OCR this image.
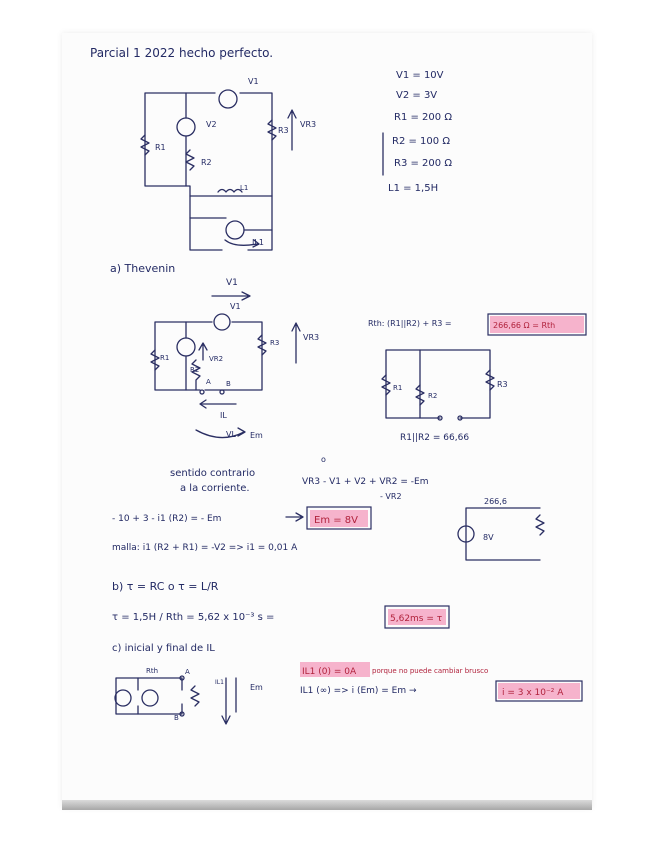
Parcial 1 2022 hecho perfecto.
V1
V2
R1
R2
R3
VR3
L1
IL1
V1 = 10V
V2 = 3V
R1 = 200 Ω
R2 = 100 Ω
R3 = 200 Ω
L1 = 1,5H
a) Thevenin
V1
V1
R1
R2
R3
VR2
VR3
A B
IL
VL Em
Rth: (R1||R2) + R3 =	266,66 Ω = Rth
R1
R2
R3
R1||R2 = 66,66
o
sentido contrario
a la corriente.
VR3 - V1 + V2 + VR2 = -Em
- VR2
- 10 + 3 - i1 (R2) = - Em	Em = 8V
266,6
8V
malla: i1 (R2 + R1) = -V2 => i1 = 0,01 A
b) τ = RC o τ = L/R
τ = 1,5H / Rth = 5,62 x 10⁻³ s =	5,62ms = τ
c) inicial y final de IL
Rth	A
B
IL1
Em
IL1 (0) = 0A porque no puede cambiar brusco
IL1 (∞) => i (Em) = Em →	i = 3 x 10⁻² A
